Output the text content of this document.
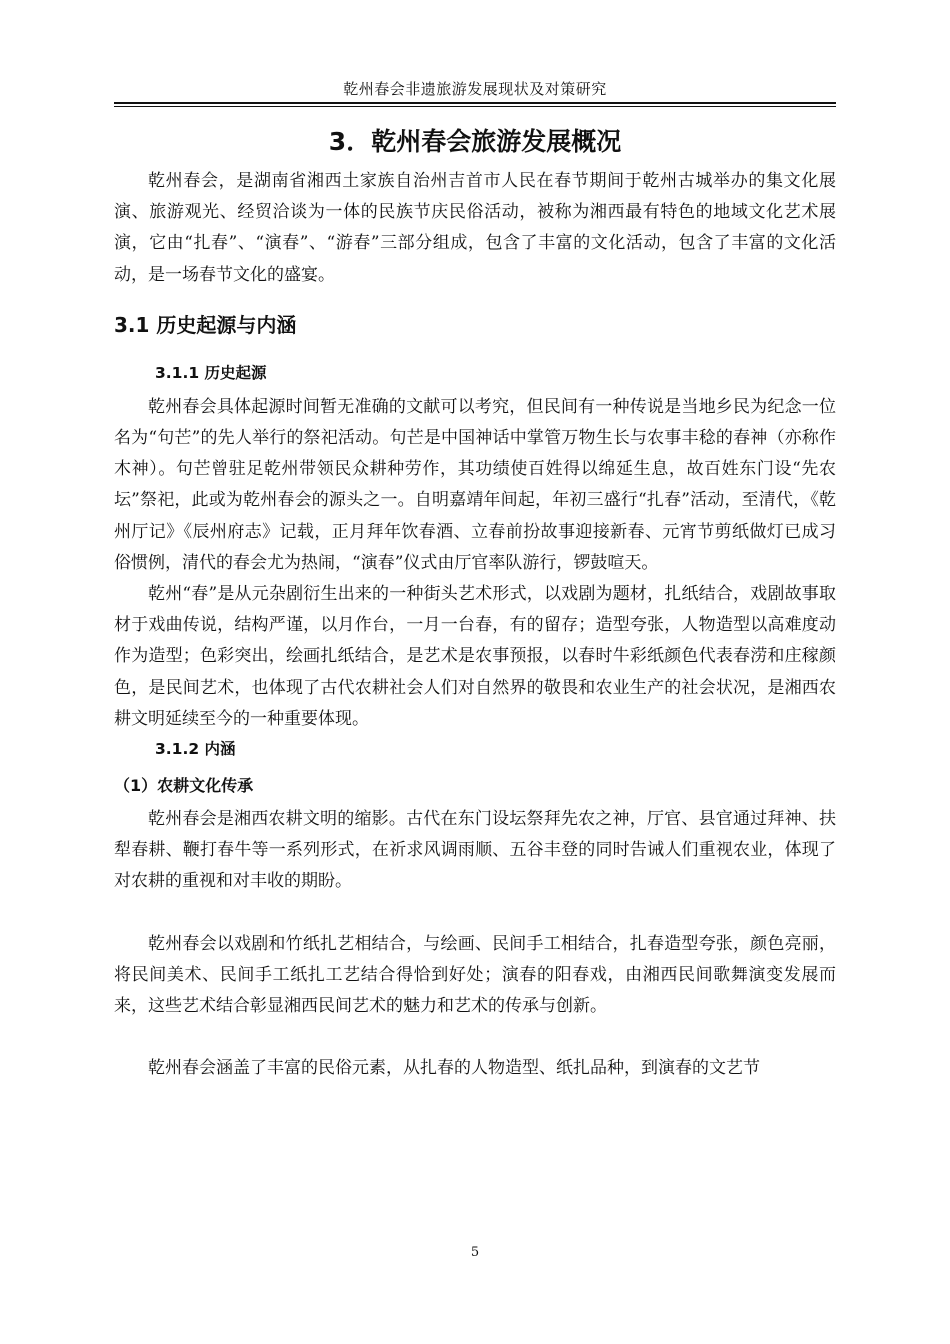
乾州春会非遗旅游发展现状及对策研究
3．乾州春会旅游发展概况

乾州春会，是湖南省湘西土家族自治州吉首市人民在春节期间于乾州古城举办的集文化展演、旅游观光、经贸洽谈为一体的民族节庆民俗活动，被称为湘西最有特色的地域文化艺术展演，它由“扎春”、“演春”、“游春”三部分组成，包含了丰富的文化活动，包含了丰富的文化活动，是一场春节文化的盛宴。

3.1 历史起源与内涵
3.1.1 历史起源

乾州春会具体起源时间暂无准确的文献可以考究，但民间有一种传说是当地乡民为纪念一位名为“句芒”的先人举行的祭祀活动。句芒是中国神话中掌管万物生长与农事丰稔的春神（亦称作木神）。句芒曾驻足乾州带领民众耕种劳作，其功绩使百姓得以绵延生息，故百姓东门设“先农坛”祭祀，此或为乾州春会的源头之一。自明嘉靖年间起，年初三盛行“扎春”活动，至清代，《乾州厅记》《辰州府志》记载，正月拜年饮春酒、立春前扮故事迎接新春、元宵节剪纸做灯已成习俗惯例，清代的春会尤为热闹，“演春”仪式由厅官率队游行，锣鼓喧天。

乾州“春”是从元杂剧衍生出来的一种街头艺术形式，以戏剧为题材，扎纸结合，戏剧故事取材于戏曲传说，结构严谨，以月作台，一月一台春，有的留存；造型夸张，人物造型以高难度动作为造型；色彩突出，绘画扎纸结合，是艺术是农事预报，以春时牛彩纸颜色代表春涝和庄稼颜色，是民间艺术，也体现了古代农耕社会人们对自然界的敬畏和农业生产的社会状况，是湘西农耕文明延续至今的一种重要体现。

3.1.2 内涵
（1）农耕文化传承

乾州春会是湘西农耕文明的缩影。古代在东门设坛祭拜先农之神，厅官、县官通过拜神、扶犁春耕、鞭打春牛等一系列形式，在祈求风调雨顺、五谷丰登的同时告诫人们重视农业，体现了对农耕的重视和对丰收的期盼。

乾州春会以戏剧和竹纸扎艺相结合，与绘画、民间手工相结合，扎春造型夸张，颜色亮丽，将民间美术、民间手工纸扎工艺结合得恰到好处；演春的阳春戏，由湘西民间歌舞演变发展而来，这些艺术结合彰显湘西民间艺术的魅力和艺术的传承与创新。

乾州春会涵盖了丰富的民俗元素，从扎春的人物造型、纸扎品种，到演春的文艺节

5
